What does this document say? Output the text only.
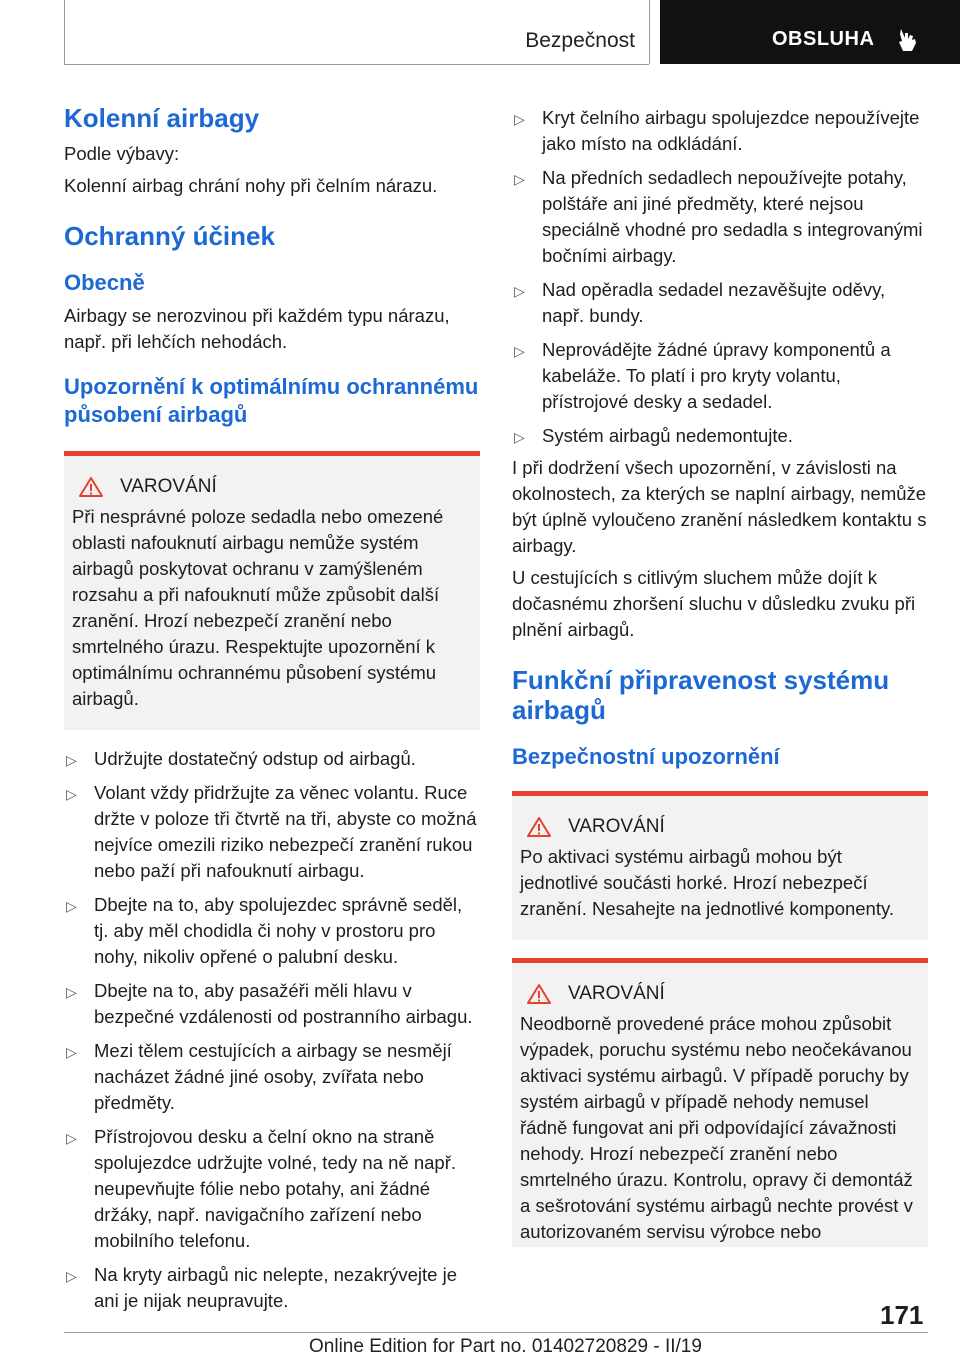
Bezpečnost	OBSLUHA
Kolenní airbagy

Podle výbavy:

Kolenní airbag chrání nohy při čelním nárazu.

Ochranný účinek
Obecně

Airbagy se nerozvinou při každém typu nárazu, např. při lehčích nehodách.

Upozornění k optimálnímu ochrannému působení airbagů
VAROVÁNÍ

Při nesprávné poloze sedadla nebo omezené oblasti nafouknutí airbagu nemůže systém airbagů poskytovat ochranu v zamýšleném rozsahu a při nafouknutí může způsobit další zranění. Hrozí nebezpečí zranění nebo smrtelného úrazu. Respektujte upozornění k optimálnímu ochrannému působení systému airbagů.

▷ Udržujte dostatečný odstup od airbagů.
▷ Volant vždy přidržujte za věnec volantu. Ruce držte v poloze tři čtvrtě na tři, abyste co možná nejvíce omezili riziko nebezpečí zranění rukou nebo paží při nafouknutí airbagu.
▷ Dbejte na to, aby spolujezdec správně seděl, tj. aby měl chodidla či nohy v prostoru pro nohy, nikoliv opřené o palubní desku.
▷ Dbejte na to, aby pasažéři měli hlavu v bezpečné vzdálenosti od postranního airbagu.
▷ Mezi tělem cestujících a airbagy se nesmějí nacházet žádné jiné osoby, zvířata nebo předměty.
▷ Přístrojovou desku a čelní okno na straně spolujezdce udržujte volné, tedy na ně např. neupevňujte fólie nebo potahy, ani žádné držáky, např. navigačního zařízení nebo mobilního telefonu.
▷ Na kryty airbagů nic nelepte, nezakrývejte je ani je nijak neupravujte.
▷ Kryt čelního airbagu spolujezdce nepoužívejte jako místo na odkládání.
▷ Na předních sedadlech nepoužívejte potahy, polštáře ani jiné předměty, které nejsou speciálně vhodné pro sedadla s integrovanými bočními airbagy.
▷ Nad opěradla sedadel nezavěšujte oděvy, např. bundy.
▷ Neprovádějte žádné úpravy komponentů a kabeláže. To platí i pro kryty volantu, přístrojové desky a sedadel.
▷ Systém airbagů nedemontujte.

I při dodržení všech upozornění, v závislosti na okolnostech, za kterých se naplní airbagy, nemůže být úplně vyloučeno zranění následkem kontaktu s airbagy.

U cestujících s citlivým sluchem může dojít k dočasnému zhoršení sluchu v důsledku zvuku při plnění airbagů.

Funkční připravenost systému airbagů
Bezpečnostní upozornění
VAROVÁNÍ

Po aktivaci systému airbagů mohou být jednotlivé součásti horké. Hrozí nebezpečí zranění. Nesahejte na jednotlivé komponenty.

VAROVÁNÍ

Neodborně provedené práce mohou způsobit výpadek, poruchu systému nebo neočekávanou aktivaci systému airbagů. V případě poruchy by systém airbagů v případě nehody nemusel řádně fungovat ani při odpovídající závažnosti nehody. Hrozí nebezpečí zranění nebo smrtelného úrazu. Kontrolu, opravy či demontáž a sešrotování systému airbagů nechte provést v autorizovaném servisu výrobce nebo

171
Online Edition for Part no. 01402720829 - II/19
